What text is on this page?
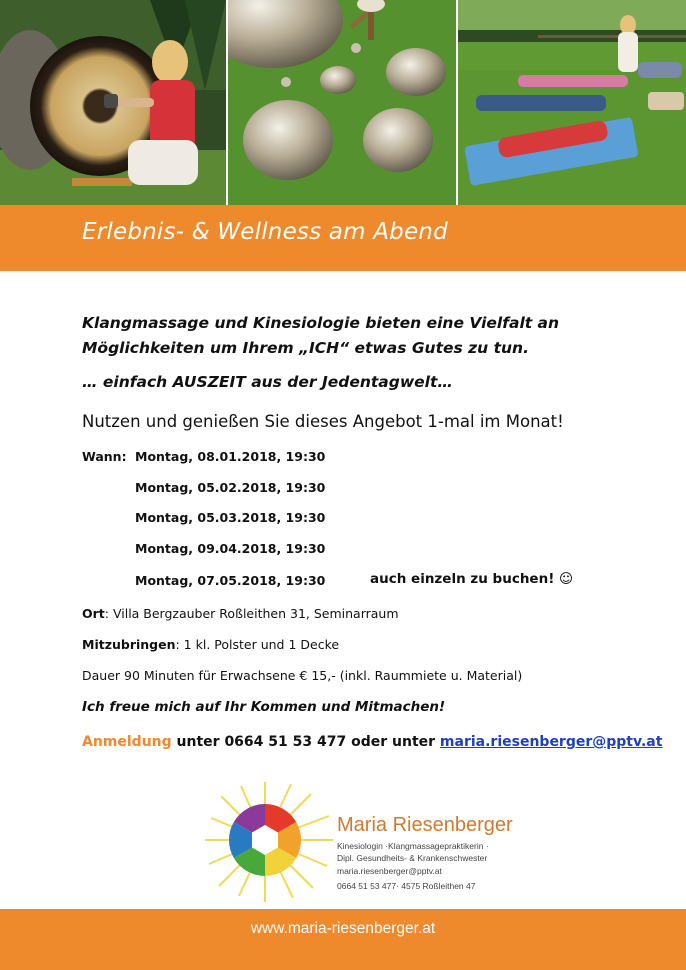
Erlebnis- & Wellness am Abend
Klangmassage und Kinesiologie bieten eine Vielfalt an
Möglichkeiten um Ihrem „ICH“ etwas Gutes zu tun.
… einfach AUSZEIT aus der Jedentagwelt…
Nutzen und genießen Sie dieses Angebot 1-mal im Monat!
Wann: Montag, 08.01.2018, 19:30
Montag, 05.02.2018, 19:30
Montag, 05.03.2018, 19:30
Montag, 09.04.2018, 19:30
Montag, 07.05.2018, 19:30	auch einzeln zu buchen! ☺
Ort: Villa Bergzauber Roßleithen 31, Seminarraum
Mitzubringen: 1 kl. Polster und 1 Decke
Dauer 90 Minuten für Erwachsene € 15,- (inkl. Raummiete u. Material)
Ich freue mich auf Ihr Kommen und Mitmachen!
Anmeldung unter 0664 51 53 477 oder unter maria.riesenberger@pptv.at
Maria Riesenberger
Kinesiologin ·Klangmassagepraktikerin ·
Dipl. Gesundheits- & Krankenschwester
maria.riesenberger@pptv.at
0664 51 53 477· 4575 Roßleithen 47
www.maria-riesenberger.at
